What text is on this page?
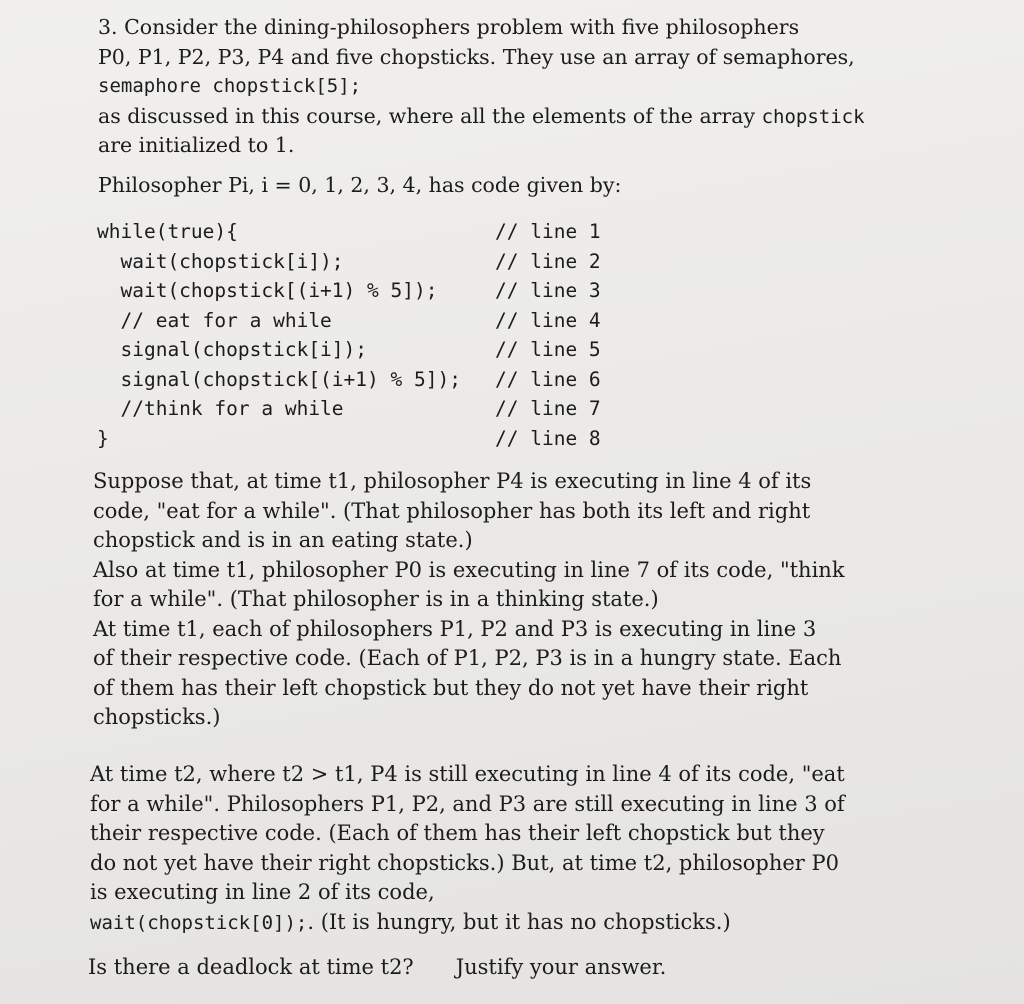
3. Consider the dining-philosophers problem with five philosophers
P0, P1, P2, P3, P4 and five chopsticks. They use an array of semaphores,
semaphore chopstick[5];
as discussed in this course, where all the elements of the array chopstick
are initialized to 1.
Philosopher Pi, i = 0, 1, 2, 3, 4, has code given by:
while(true){	// line 1
wait(chopstick[i]);	// line 2
wait(chopstick[(i+1) % 5]);	// line 3
// eat for a while	// line 4
signal(chopstick[i]);	// line 5
signal(chopstick[(i+1) % 5]); // line 6
//think for a while	// line 7
}	// line 8
Suppose that, at time t1, philosopher P4 is executing in line 4 of its
code, "eat for a while". (That philosopher has both its left and right
chopstick and is in an eating state.)
Also at time t1, philosopher P0 is executing in line 7 of its code, "think
for a while". (That philosopher is in a thinking state.)
At time t1, each of philosophers P1, P2 and P3 is executing in line 3
of their respective code. (Each of P1, P2, P3 is in a hungry state. Each
of them has their left chopstick but they do not yet have their right
chopsticks.)
At time t2, where t2 > t1, P4 is still executing in line 4 of its code, "eat
for a while". Philosophers P1, P2, and P3 are still executing in line 3 of
their respective code. (Each of them has their left chopstick but they
do not yet have their right chopsticks.) But, at time t2, philosopher P0
is executing in line 2 of its code,
wait(chopstick[0]);. (It is hungry, but it has no chopsticks.)
Is there a deadlock at time t2? Justify your answer.
